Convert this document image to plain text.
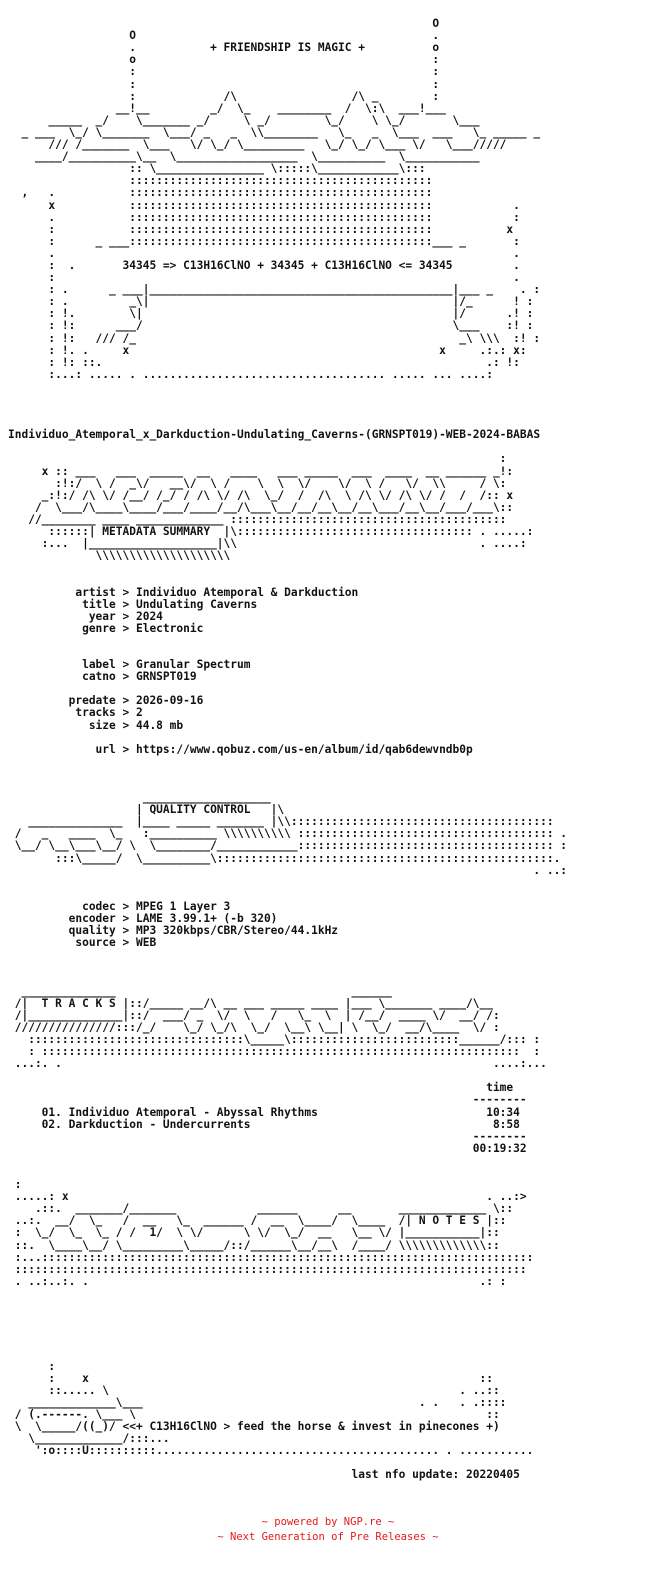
O
O                                            .
.           + FRIENDSHIP IS MAGIC +          o
o                                            :
:                                            :
:                                            :
:             /\                 /\ _        :
__!__         _/  \_    ________  /  \:\  ___!___
_____  _/    \_______ _/     \ _/        \_/    \ \_/       \___
_ ___  \_/ \_______  \___/ _   _  \\________   \_   _  \___  ___   \_ _____ _
/// /_______  \___   \/ \_/ \_________   \_/ \_/ \___ \/   \___/////
____/__________\__  \__________________  \__________  \___________
:: \________________ \:::::\____________\:::
:::::::::::::::::::::::::::::::::::::::::::::
,   .           :::::::::::::::::::::::::::::::::::::::::::::
x           :::::::::::::::::::::::::::::::::::::::::::::            .
.           :::::::::::::::::::::::::::::::::::::::::::::            :
:           :::::::::::::::::::::::::::::::::::::::::::::           x
:      _ ___:::::::::::::::::::::::::::::::::::::::::::::___ _       :
.                                                                    .
:  .       34345 => C13H16ClNO + 34345 + C13H16ClNO <= 34345         .
:                                                                    .
: .      _ ___|_____________________________________________|___ _    . :
: .         _\|                                             |/_      ! :
: !.        \|                                              |/      .! :
: !:      ___/                                              \___    :! :
: !:   /// /_                                                _\ \\\  :! :
: !. .     x                                              x     .:.: x:
: !: ::.                                                         .: !:
:...: ..... . .................................... ..... ... ....:

Individuo_Atemporal_x_Darkduction-Undulating_Caverns-(GRNSPT019)-WEB-2024-BABAS

:
x :: ___   ___  _____  __   ____   ___ _____  ___  ____  __ ______ _!:
:!:/  \ /  _\/   __\/  \ /    \  \  \/    \/  \ /   \/  \\     / \:
_:!:/ /\ \/ /__/ /_/ / /\ \/ /\  \_/  /  /\  \ /\ \/ /\ \/ /  /  /:: x
/  \___/\____\____/___/____/__/\___\__/__/__\__/__\___/__\__/___/___\::
//________ ____ _____________ :::::::::::::::::::::::::::::::::::::::::
::::::| METADATA SUMMARY  |\::::::::::::::::::::::::::::::::::: . .....:
:...  |___________________|\\                                    . ....:
\\\\\\\\\\\\\\\\\\\\

artist > Individuo Atemporal & Darkduction
title > Undulating Caverns
year > 2024
genre > Electronic

label > Granular Spectrum
catno > GRNSPT019

predate > 2026-09-16
tracks > 2
size > 44.8 mb

url > https://www.qobuz.com/us-en/album/id/qab6dewvndb0p

___________________
| QUALITY CONTROL   |\
______________  |____ _____ _______ |\\:::::::::::::::::::::::::::::::::::::::
/   _   ____  \_   :__________ \\\\\\\\\\ :::::::::::::::::::::::::::::::::::::: .
\__/ \__\___\__/ \  \________/____________:::::::::::::::::::::::::::::::::::::: :
:::\_____/  \__________\::::::::::::::::::::::::::::::::::::::::::::::::::.
. ..:

codec > MPEG 1 Layer 3
encoder > LAME 3.99.1+ (-b 320)
quality > MP3 320kbps/CBR/Stereo/44.1kHz
source > WEB

______________                                   ______
/|  T R A C K S |::/_____ __/\ __ ___ _____ ____ |___ \_______ ____/\__
/|______________|::/  ___/ _  \/  \   /   \_  \  | /__/  ____ \/  __/ /:
///////////////:::/_/    \_/ \_/\  \_/  \__\ \__| \  \_/  __/\____  \/ :
::::::::::::::::::::::::::::::::\_____\:::::::::::::::::::::::::______/::: :
: :::::::::::::::::::::::::::::::::::::::::::::::::::::::::::::::::::::::  :
...:. .                                                                ....:...

time
--------
01. Individuo Atemporal - Abyssal Rhythms                         10:34
02. Darkduction - Undercurrents                                    8:58
--------
00:19:32

:
.....: x                                                              . ..:>
.::.  _______/_______            ______      __       _____________ \::
..:.  __/  \_   /  __   \_  ______ /  __  \____/  \____  /| N O T E S |::
:  \_/  \_  \_ / /  1/  \ \/      \ \/  \_/  __   \__ \/ |___________|::
::.  \____\__/ \_________\_____/::/______\__/__\  /____/ \\\\\\\\\\\\\::
:...:::::::::::::::::::::::::::::::::::::::::::::::::::::::::::::::::::::::::
::::::::::::::::::::::::::::::::::::::::::::::::::::::::::::::::::::::::::::
. ..:..:. .                                                          .: :

:
:    x                                                          ::
::..... \                                                    . ..::
_____________\___                                         . .   . .::::
/ (.------. \___ \                                                    ::
\  \_____/((_)/ <<+ C13H16ClNO > feed the horse & invest in pinecones +)
\_____________/:::...
':o::::U::::::::::.......................................... . ...........

last nfo update: 20220405
~ powered by NGP.re ~
~ Next Generation of Pre Releases ~
